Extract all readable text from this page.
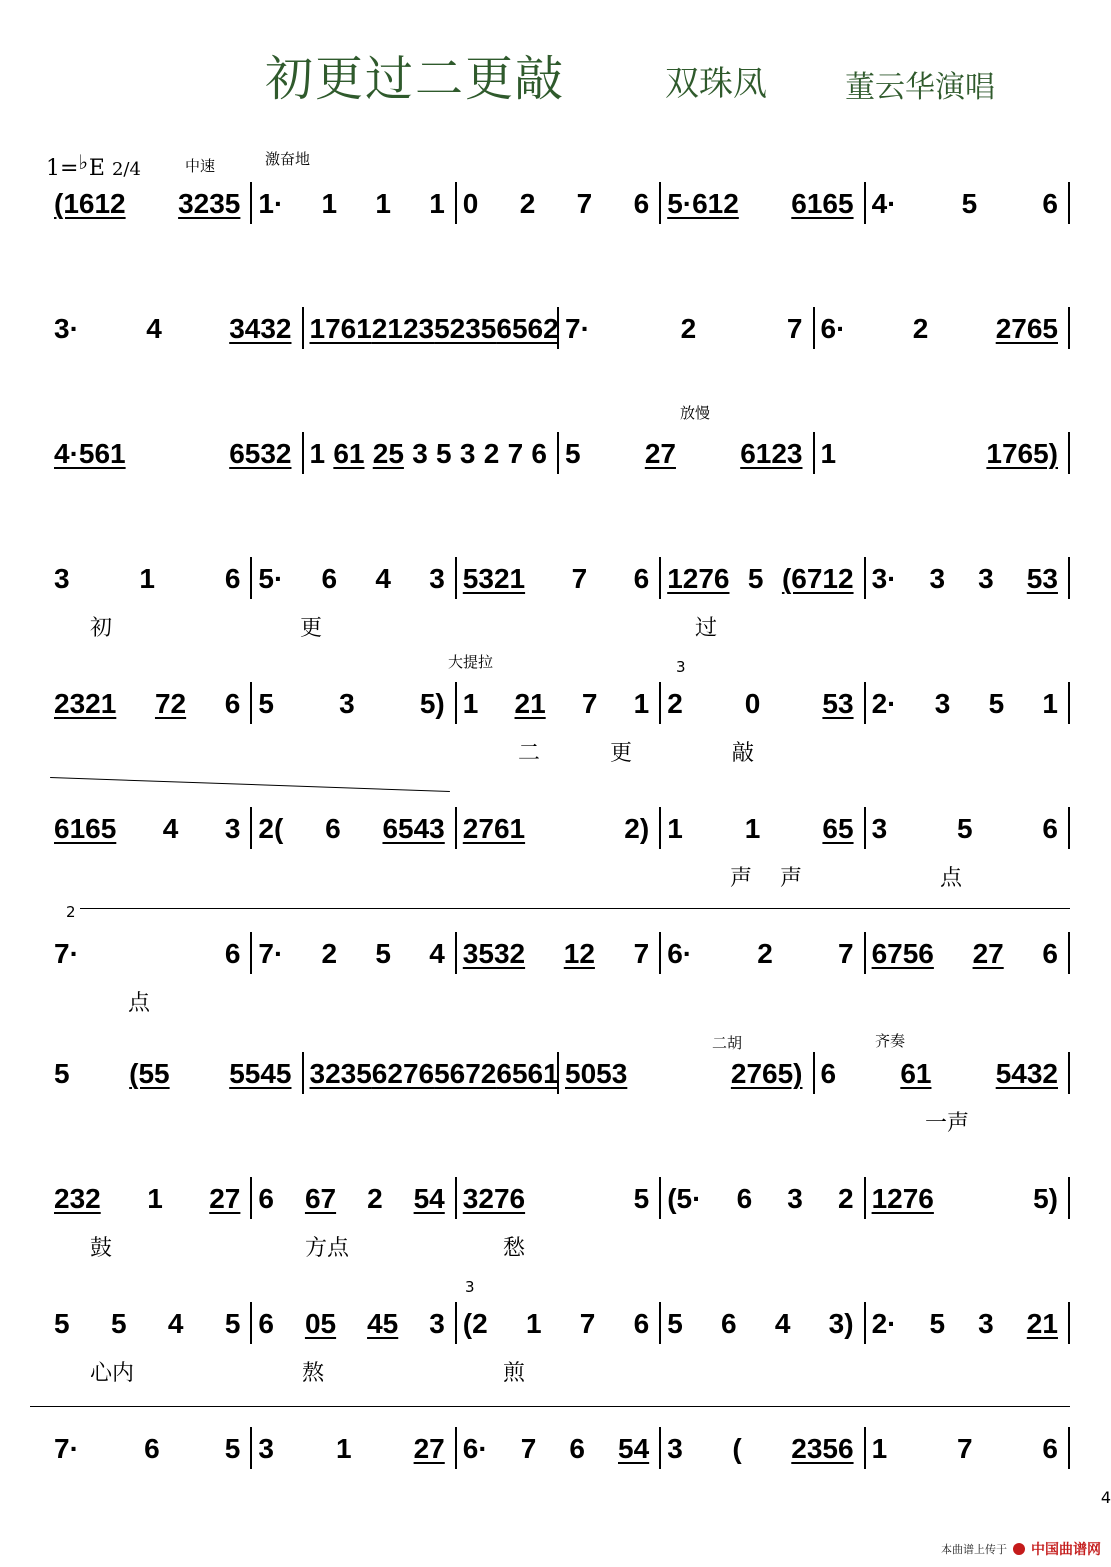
初更过二更敲	双珠凤	董云华演唱
1=♭E 2/4	中速	激奋地
(1612 3235 1· 1 1 1 0 2 7 6 5·612 6165 4· 5 6
3· 4 3432 1761 2123 5235 6562 7·	2	7 6· 2 2765
4·561	6532 1 61 25 3 5 3 2 7 6 5 27 6123 1	1765)
3 1 6 5· 6 4 3 5321 7 6 1276 5 (6712 3· 3 3 53
初	更	过
2321 72 6 5 3 5) 1 21 7 1 2 0 53 2· 3 5 1
二	更	敲
6165 4 3 2( 6 6543 2761	2) 1 1 65 3 5 6
声 声	点
7·	6 7· 2 5 4 3532 12 7 6· 2 7 6756 27 6
点
5 (55 5545 3235 6276 5672 6561 5053	2765) 6 61 5432
一声
232 1 27 6 67 2 54 3276	5 (5· 6 3 2 1276	5)
鼓	方点	愁
5 5 4 5 6 05 45 3 (2 1 7 6 5 6 4 3) 2· 5 3 21
心内	熬	煎
7· 6 5 3 1 27 6· 7 6 54 3 ( 2356 1 7 6
放慢
大提拉
二胡	齐奏
3
2
3
4
本曲谱上传于 中国曲谱网
